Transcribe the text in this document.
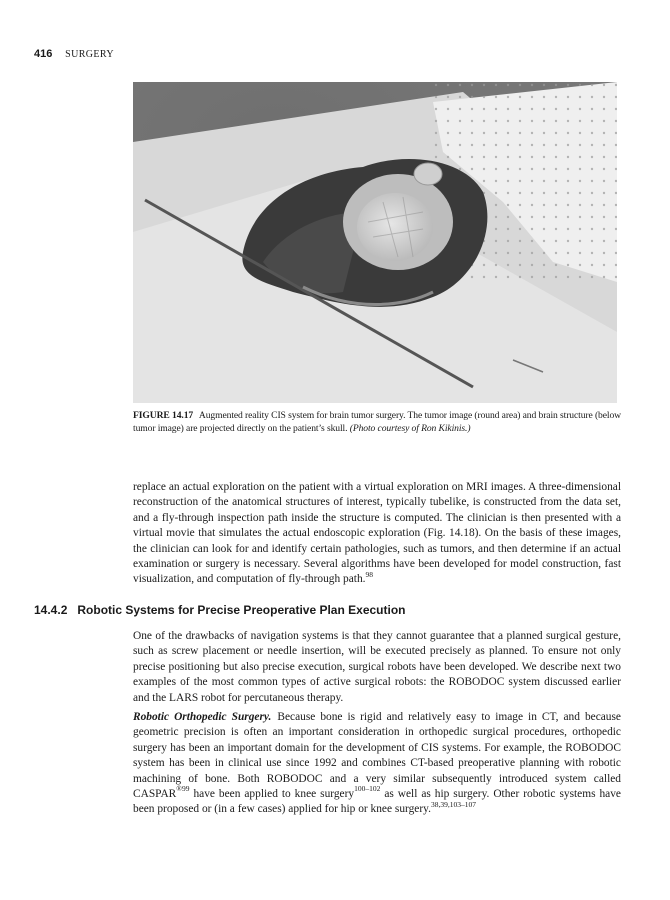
416 SURGERY
FIGURE 14.17 Augmented reality CIS system for brain tumor surgery. The tumor image (round area) and brain structure (below tumor image) are projected directly on the patient’s skull. (Photo courtesy of Ron Kikinis.)
replace an actual exploration on the patient with a virtual exploration on MRI images. A three-dimensional reconstruction of the anatomical structures of interest, typically tubelike, is constructed from the data set, and a fly-through inspection path inside the structure is computed. The clinician is then presented with a virtual movie that simulates the actual endoscopic exploration (Fig. 14.18). On the basis of these images, the clinician can look for and identify certain pathologies, such as tumors, and then determine if an actual examination or surgery is necessary. Several algorithms have been developed for model construction, fast visualization, and computation of fly-through path.$^{98}$
14.4.2 Robotic Systems for Precise Preoperative Plan Execution
One of the drawbacks of navigation systems is that they cannot guarantee that a planned surgical gesture, such as screw placement or needle insertion, will be executed precisely as planned. To ensure not only precise positioning but also precise execution, surgical robots have been developed. We describe next two examples of the most common types of active surgical robots: the ROBODOC system discussed earlier and the LARS robot for percutaneous therapy.
Robotic Orthopedic Surgery. Because bone is rigid and relatively easy to image in CT, and because geometric precision is often an important consideration in orthopedic surgical procedures, orthopedic surgery has been an important domain for the development of CIS systems. For example, the ROBODOC system has been in clinical use since 1992 and combines CT-based preoperative planning with robotic machining of bone. Both ROBODOC and a very similar subsequently introduced system called $CASPAR^{®99}$ have been applied to knee surgery$^{100-102}$ as well as hip surgery. Other robotic systems have been proposed or (in a few cases) applied for hip or knee surgery.$^{38,39,103-107}$
